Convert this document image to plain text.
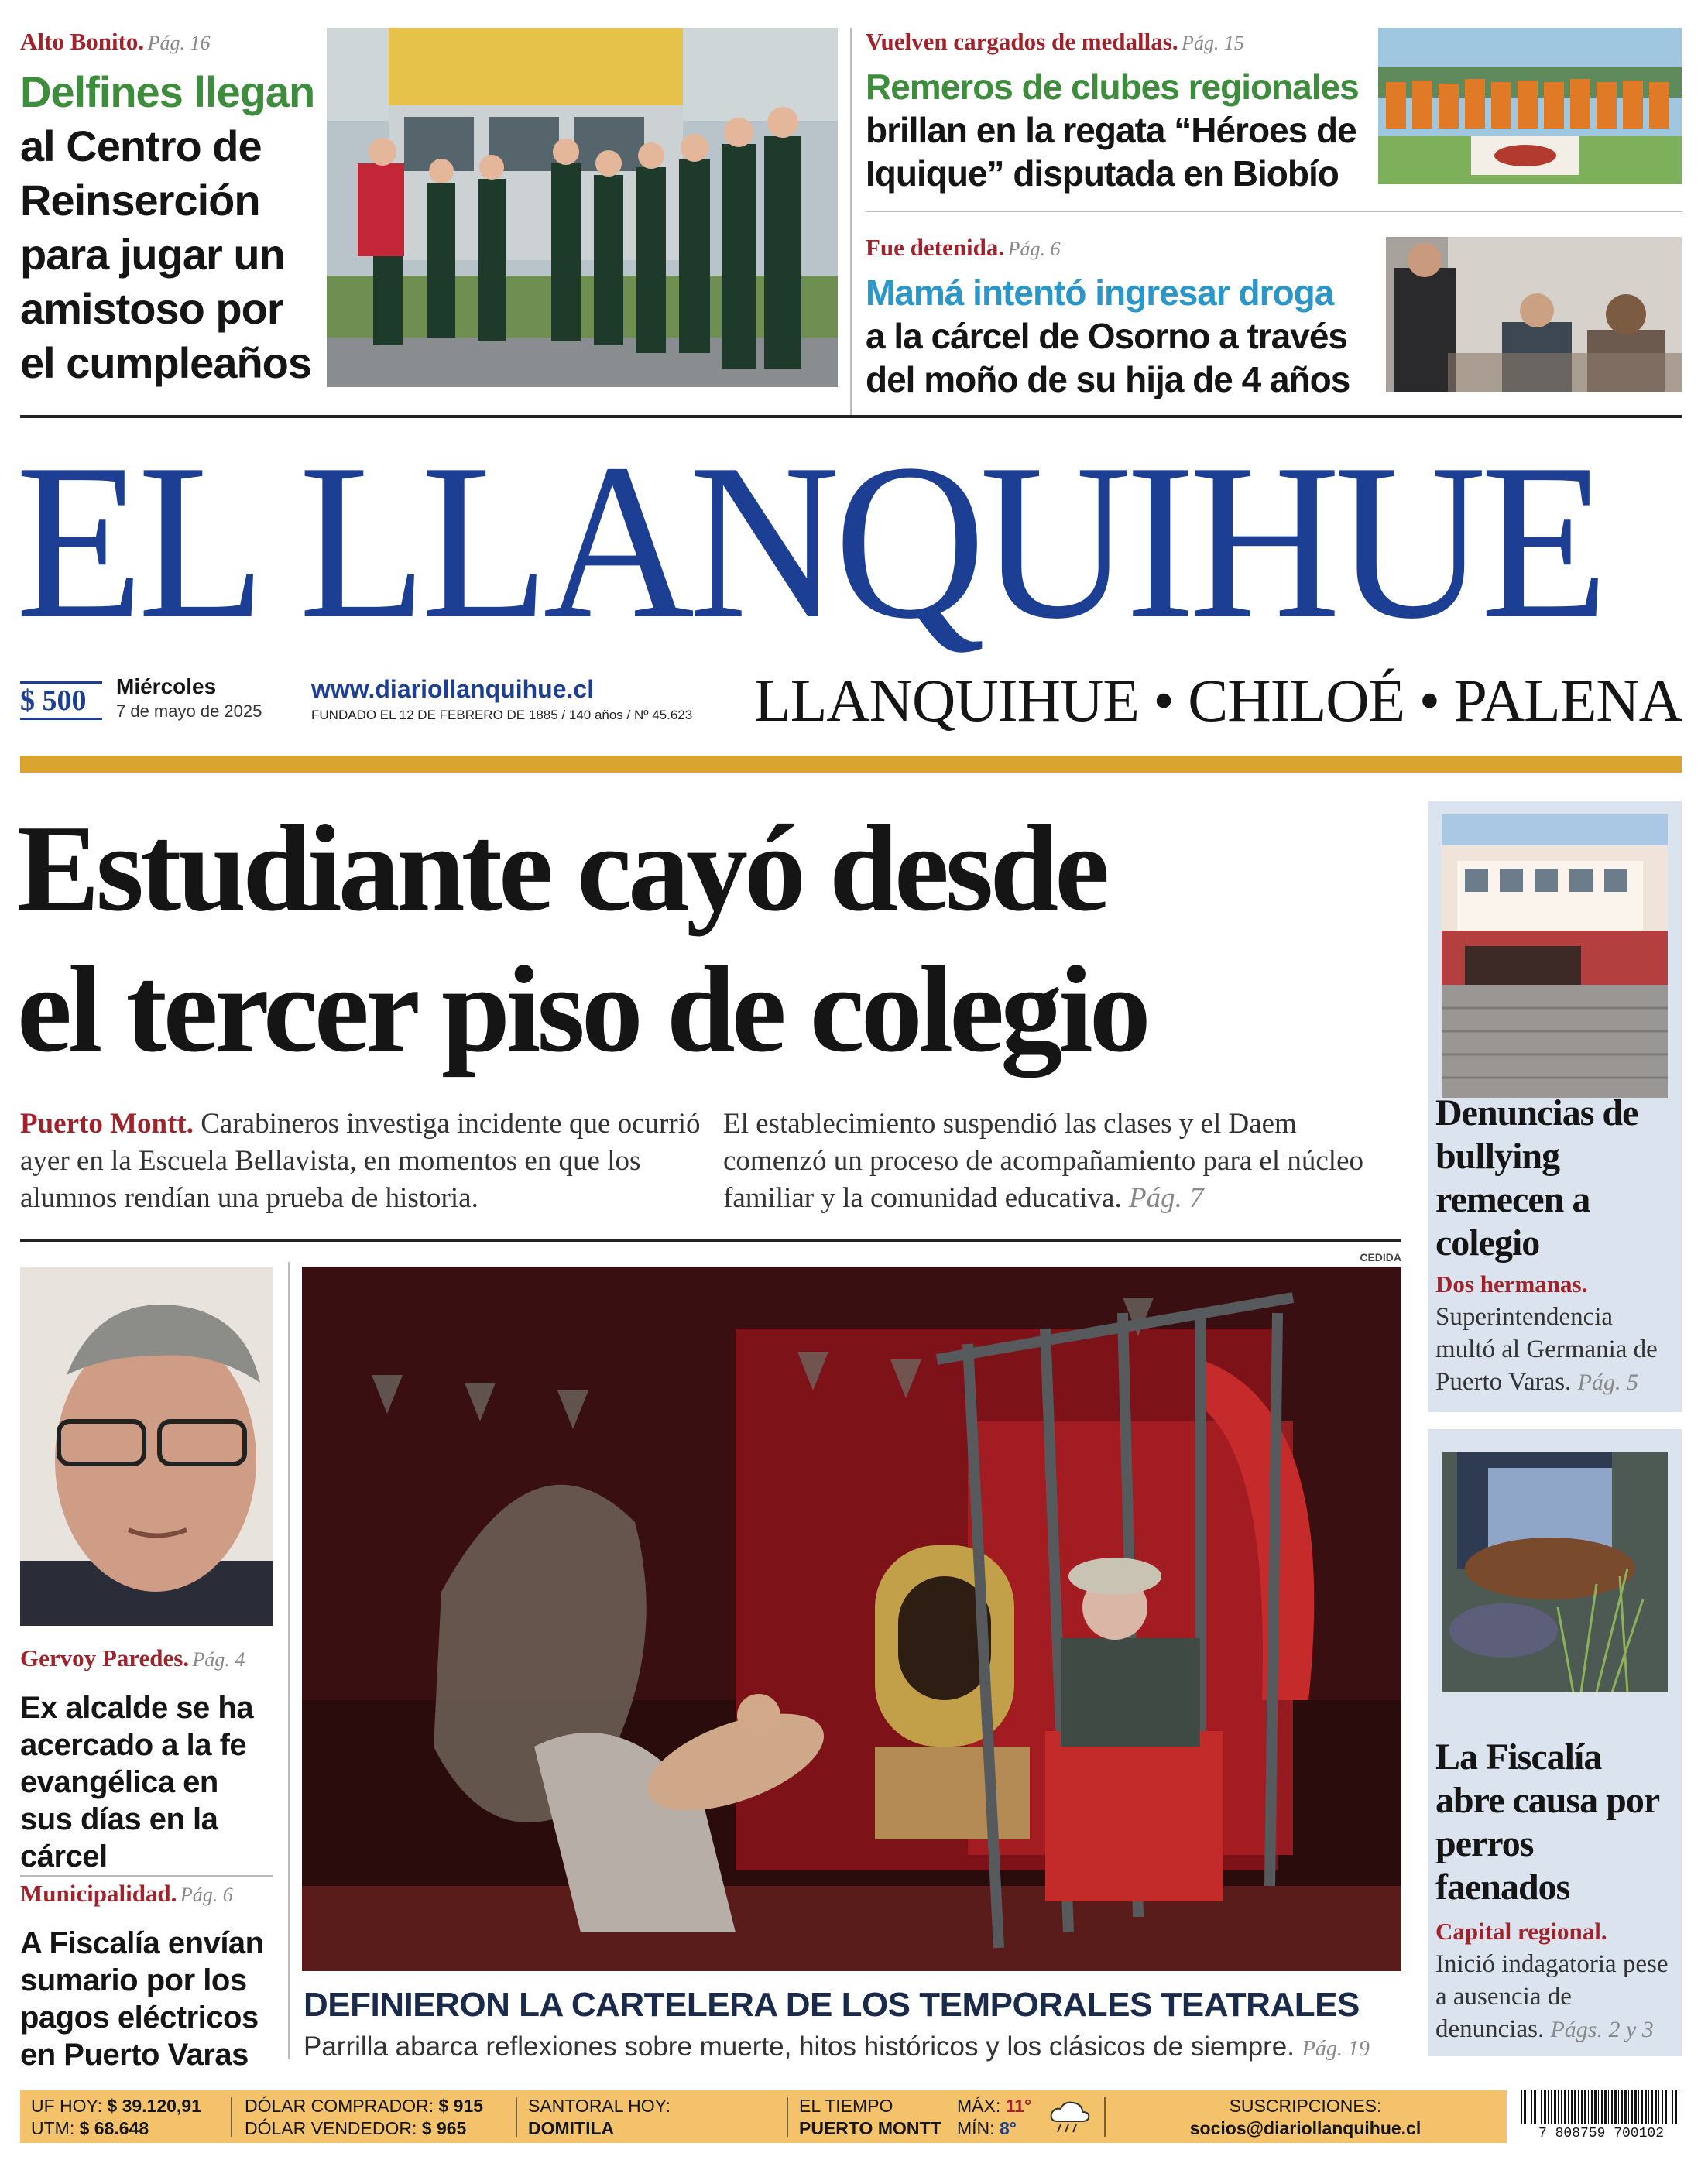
Alto Bonito. Pág. 16
Delfines llegan
al Centro de Reinserción para jugar un amistoso por el cumpleaños
Vuelven cargados de medallas. Pág. 15
Remeros de clubes regionales
brillan en la regata “Héroes de Iquique” disputada en Biobío
Fue detenida. Pág. 6
Mamá intentó ingresar droga
a la cárcel de Osorno a través del moño de su hija de 4 años
EL LLANQUIHUE
$ 500	Miércoles
7 de mayo de 2025
www.diariollanquihue.cl
FUNDADO EL 12 DE FEBRERO DE 1885 / 140 años / Nº 45.623	LLANQUIHUE • CHILOÉ • PALENA
Estudiante cayó desde
el tercer piso de colegio
Puerto Montt. Carabineros investiga incidente que ocurrió ayer en la Escuela Bellavista, en momentos en que los alumnos rendían una prueba de historia.
El establecimiento suspendió las clases y el Daem comenzó un proceso de acompañamiento para el núcleo familiar y la comunidad educativa. Pág. 7
Denuncias de bullying remecen a colegio
Dos hermanas.
Superintendencia multó al Germania de Puerto Varas. Pág. 5
La Fiscalía abre causa por perros faenados
Capital regional.
Inició indagatoria pese a ausencia de denuncias. Págs. 2 y 3
Gervoy Paredes. Pág. 4
Ex alcalde se ha acercado a la fe evangélica en sus días en la cárcel
Municipalidad. Pág. 6
A Fiscalía envían sumario por los pagos eléctricos en Puerto Varas
CEDIDA
DEFINIERON LA CARTELERA DE LOS TEMPORALES TEATRALES
Parrilla abarca reflexiones sobre muerte, hitos históricos y los clásicos de siempre. Pág. 19
UF HOY: $ 39.120,91
UTM: $ 68.648
DÓLAR COMPRADOR: $ 915
DÓLAR VENDEDOR: $ 965
SANTORAL HOY:
DOMITILA
EL TIEMPO
PUERTO MONTT
MÁX: 11°
MÍN: 8°
SUSCRIPCIONES:
socios@diariollanquihue.cl	7 808759 700102
